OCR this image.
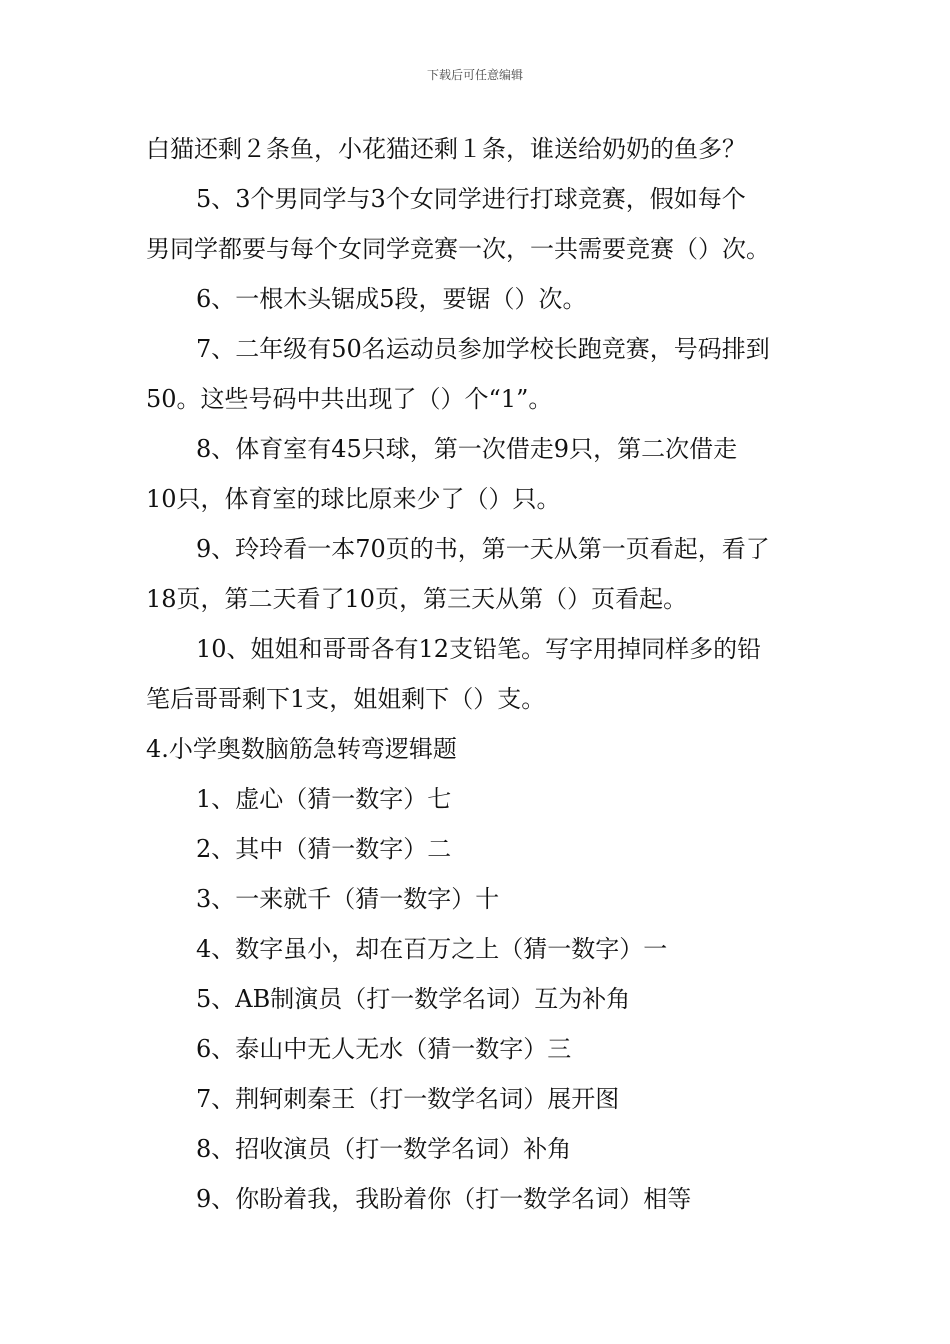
下载后可任意编辑
白猫还剩２条鱼，小花猫还剩１条，谁送给奶奶的鱼多？
5、3个男同学与3个女同学进行打球竞赛，假如每个
男同学都要与每个女同学竞赛一次，一共需要竞赛（）次。
6、一根木头锯成5段，要锯（）次。
7、二年级有50名运动员参加学校长跑竞赛，号码排到
50。这些号码中共出现了（）个“1”。
8、体育室有45只球，第一次借走9只，第二次借走
10只，体育室的球比原来少了（）只。
9、玲玲看一本70页的书，第一天从第一页看起，看了
18页，第二天看了10页，第三天从第（）页看起。
10、姐姐和哥哥各有12支铅笔。写字用掉同样多的铅
笔后哥哥剩下1支，姐姐剩下（）支。
4.小学奥数脑筋急转弯逻辑题
1、虚心（猜一数字）七
2、其中（猜一数字）二
3、一来就千（猜一数字）十
4、数字虽小，却在百万之上（猜一数字）一
5、AB制演员（打一数学名词）互为补角
6、泰山中无人无水（猜一数字）三
7、荆轲刺秦王（打一数学名词）展开图
8、招收演员（打一数学名词）补角
9、你盼着我，我盼着你（打一数学名词）相等
